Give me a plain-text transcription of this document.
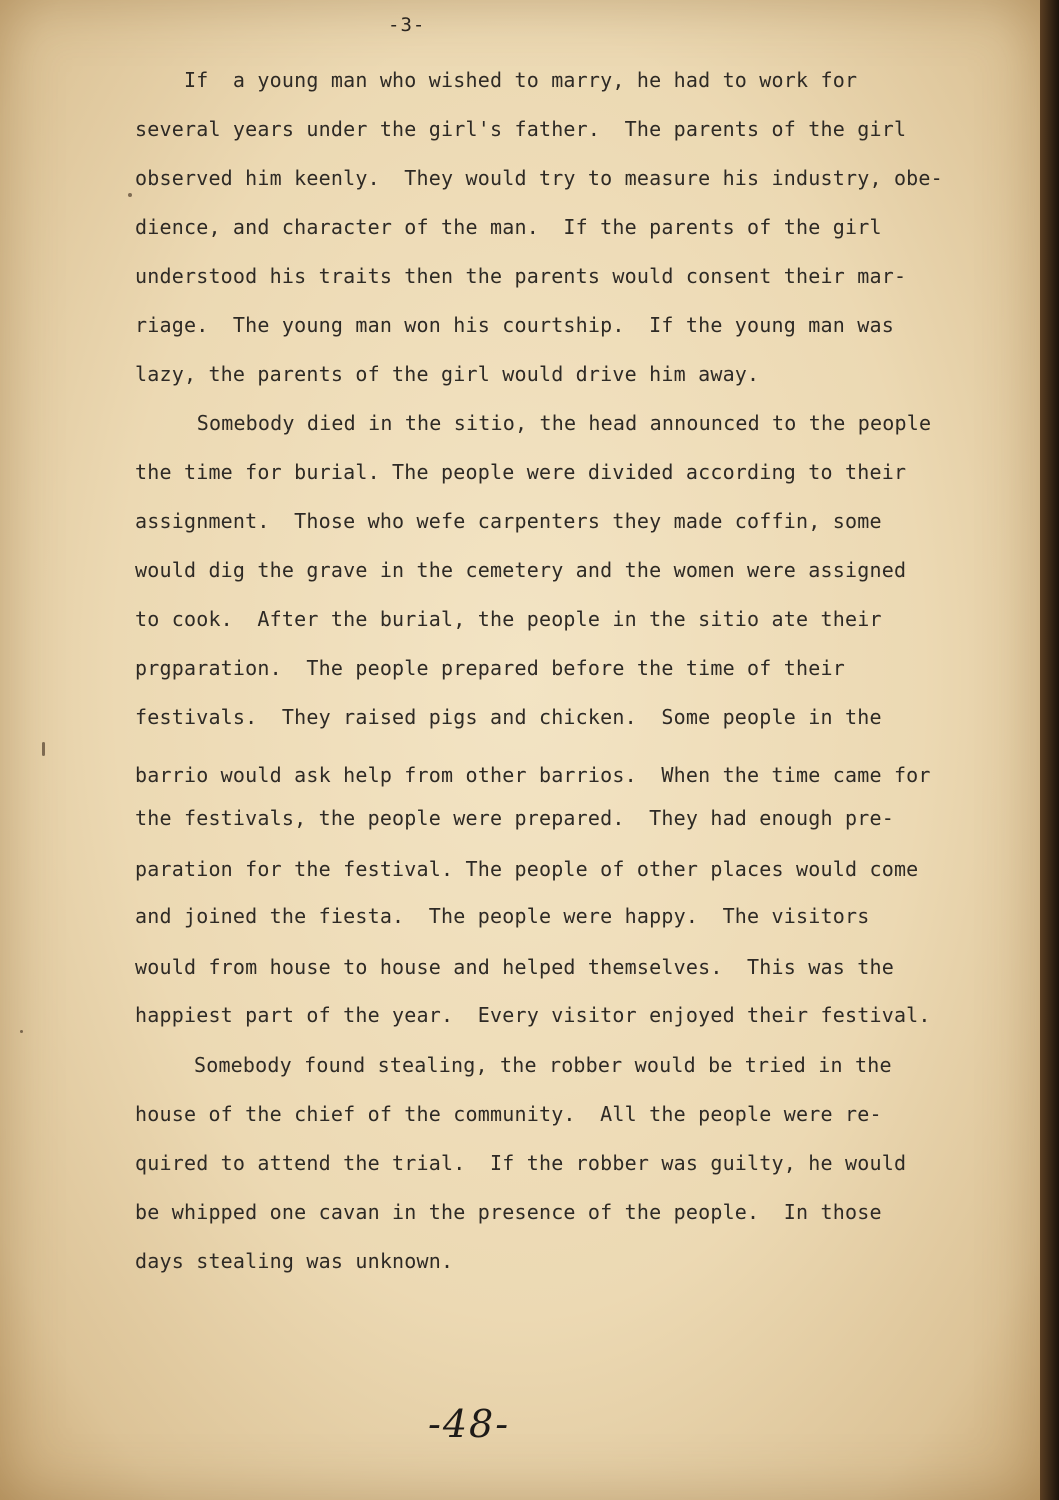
-3-
If  a young man who wished to marry, he had to work for
several years under the girl's father.  The parents of the girl
observed him keenly.  They would try to measure his industry, obe-
dience, and character of the man.  If the parents of the girl
understood his traits then the parents would consent their mar-
riage.  The young man won his courtship.  If the young man was
lazy, the parents of the girl would drive him away.
Somebody died in the sitio, the head announced to the people
the time for burial. The people were divided according to their
assignment.  Those who wefe carpenters they made coffin, some
would dig the grave in the cemetery and the women were assigned
to cook.  After the burial, the people in the sitio ate their
prgparation.  The people prepared before the time of their
festivals.  They raised pigs and chicken.  Some people in the
barrio would ask help from other barrios.  When the time came for
the festivals, the people were prepared.  They had enough pre-
paration for the festival. The people of other places would come
and joined the fiesta.  The people were happy.  The visitors
would from house to house and helped themselves.  This was the
happiest part of the year.  Every visitor enjoyed their festival.
Somebody found stealing, the robber would be tried in the
house of the chief of the community.  All the people were re-
quired to attend the trial.  If the robber was guilty, he would
be whipped one cavan in the presence of the people.  In those
days stealing was unknown.
-48-
